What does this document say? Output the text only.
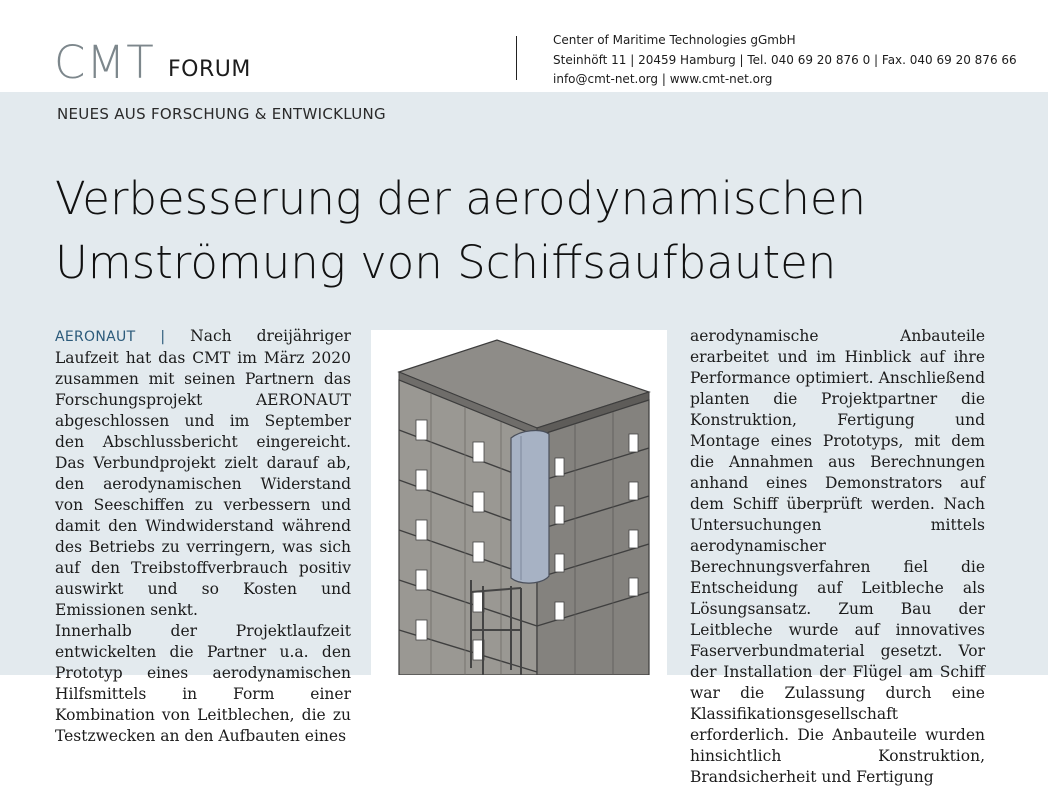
CMT FORUM
Center of Maritime Technologies gGmbH
Steinhöft 11 | 20459 Hamburg | Tel. 040 69 20 876 0 | Fax. 040 69 20 876 66
info@cmt-net.org | www.cmt-net.org
NEUES AUS FORSCHUNG & ENTWICKLUNG
Verbesserung der aerodynamischen
Umströmung von Schiffsaufbauten

AERONAUT | Nach dreijähriger Laufzeit hat das CMT im März 2020 zusammen mit seinen Partnern das Forschungsprojekt AERONAUT abgeschlossen und im September den Abschlussbericht eingereicht. Das Verbundprojekt zielt darauf ab, den aerodynamischen Widerstand von Seeschiffen zu verbessern und damit den Windwiderstand während des Betriebs zu verringern, was sich auf den Treibstoffverbrauch positiv auswirkt und so Kosten und Emissionen senkt.

Innerhalb der Projektlaufzeit entwickelten die Partner u.a. den Prototyp eines aerodynamischen Hilfsmittels in Form einer Kombination von Leitblechen, die zu Testzwecken an den Aufbauten eines

aerodynamische Anbauteile erarbeitet und im Hinblick auf ihre Performance optimiert. Anschließend planten die Projektpartner die Konstruktion, Fertigung und Montage eines Prototyps, mit dem die Annahmen aus Berechnungen anhand eines Demonstrators auf dem Schiff überprüft werden. Nach Untersuchungen mittels aerodynamischer Berechnungsverfahren fiel die Entscheidung auf Leitbleche als Lösungsansatz. Zum Bau der Leitbleche wurde auf innovatives Faserverbundmaterial gesetzt. Vor der Installation der Flügel am Schiff war die Zulassung durch eine Klassifikationsgesellschaft erforderlich. Die Anbauteile wurden hinsichtlich Konstruktion, Brandsicherheit und Fertigung
